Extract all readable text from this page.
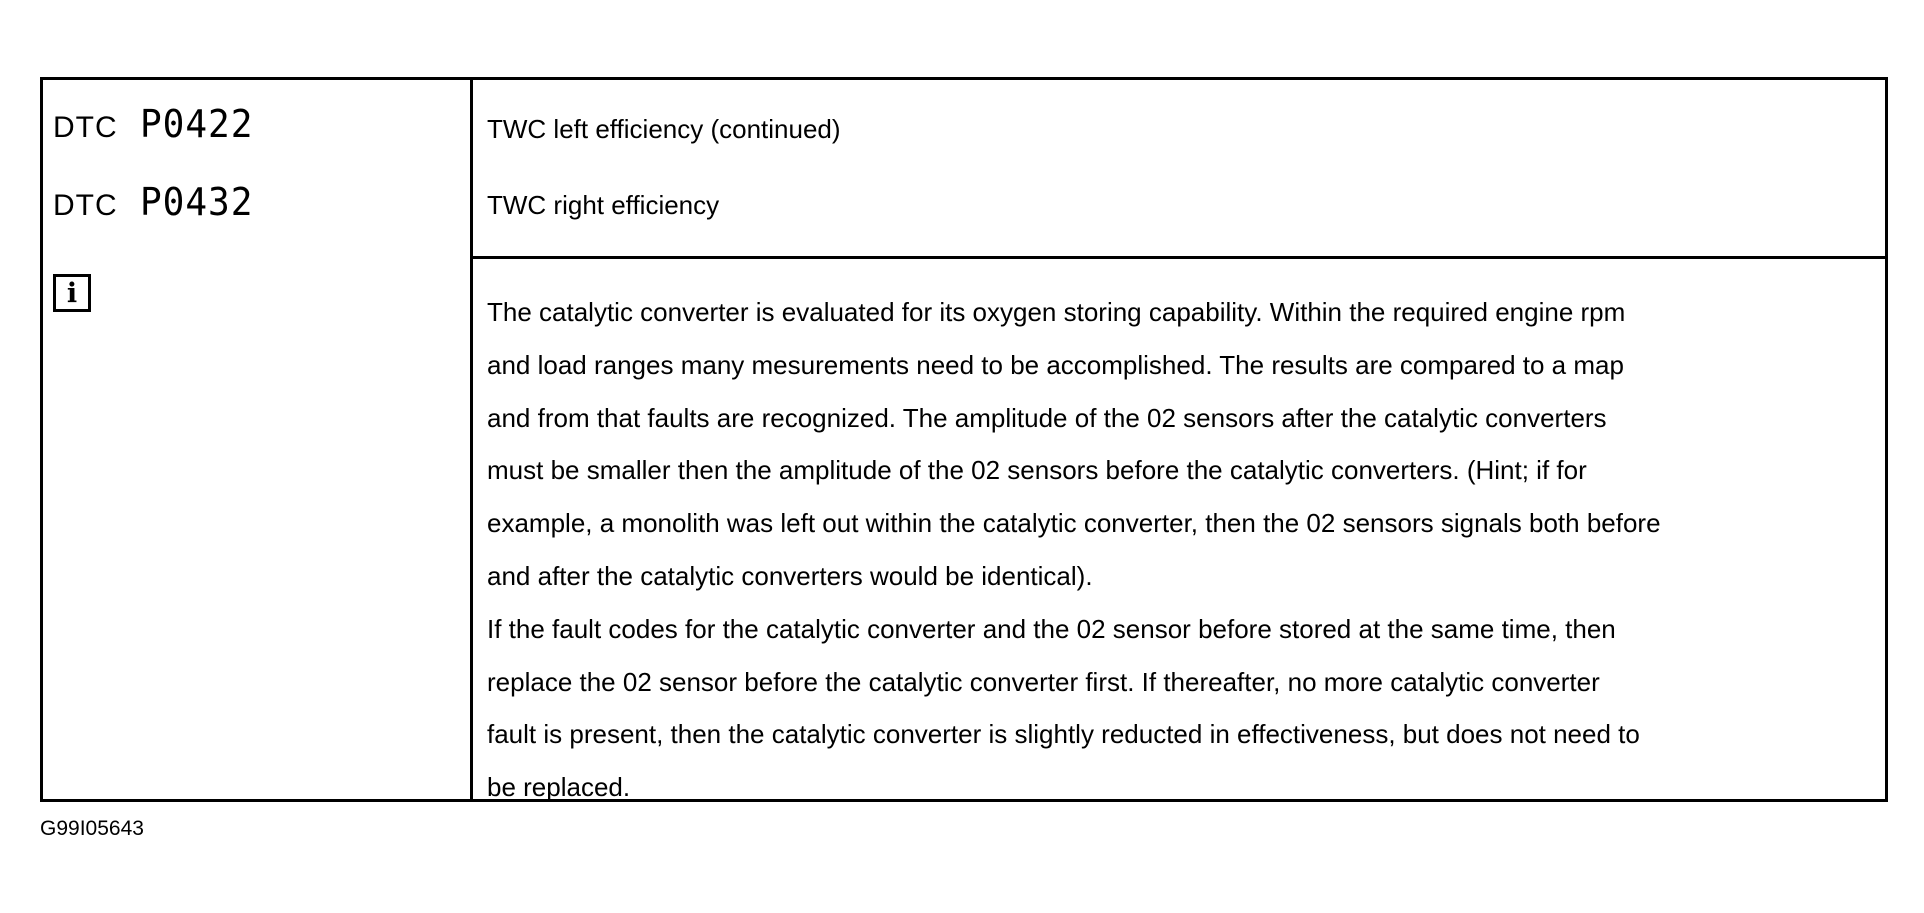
DTC P0422
DTC P0432
TWC left efficiency (continued)
TWC right efficiency
i
The catalytic converter is evaluated for its oxygen storing capability. Within the required engine rpm
and load ranges many mesurements need to be accomplished. The results are compared to a map
and from that faults are recognized. The amplitude of the 02 sensors after the catalytic converters
must be smaller then the amplitude of the 02 sensors before the catalytic converters. (Hint; if for
example, a monolith was left out within the catalytic converter, then the 02 sensors signals both before
and after the catalytic converters would be identical).
If the fault codes for the catalytic converter and the 02 sensor before stored at the same time, then
replace the 02 sensor before the catalytic converter first. If thereafter, no more catalytic converter
fault is present, then the catalytic converter is slightly reducted in effectiveness, but does not need to
be replaced.
G99I05643
